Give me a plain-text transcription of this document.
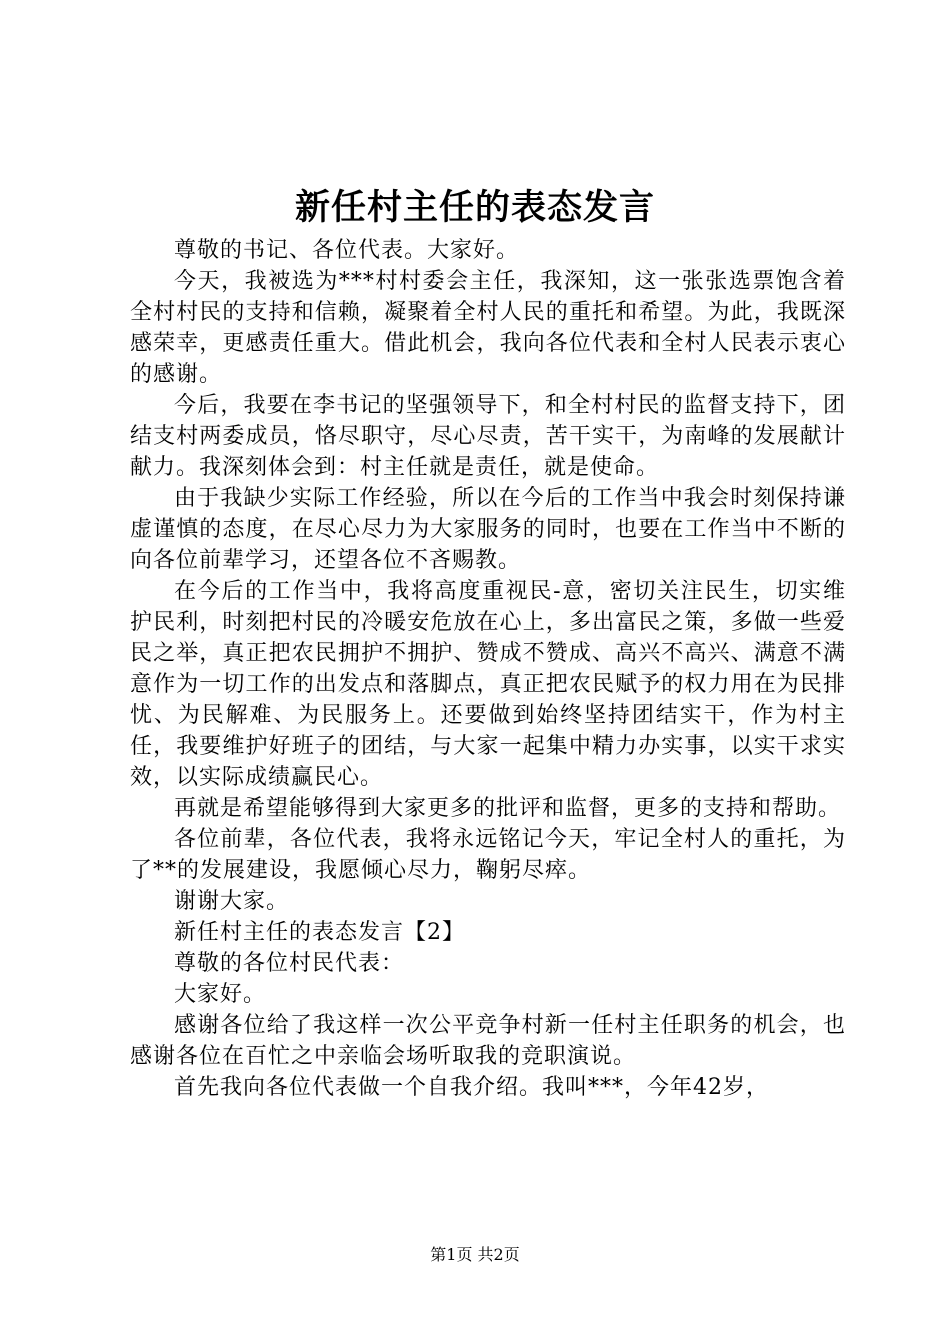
新任村主任的表态发言

尊敬的书记、各位代表。大家好。

今天，我被选为***村村委会主任，我深知，这一张张选票饱含着全村村民的支持和信赖，凝聚着全村人民的重托和希望。为此，我既深感荣幸，更感责任重大。借此机会，我向各位代表和全村人民表示衷心的感谢。

今后，我要在李书记的坚强领导下，和全村村民的监督支持下，团结支村两委成员，恪尽职守，尽心尽责，苦干实干，为南峰的发展献计献力。我深刻体会到：村主任就是责任，就是使命。

由于我缺少实际工作经验，所以在今后的工作当中我会时刻保持谦虚谨慎的态度，在尽心尽力为大家服务的同时，也要在工作当中不断的向各位前辈学习，还望各位不吝赐教。

在今后的工作当中，我将高度重视民-意，密切关注民生，切实维护民利，时刻把村民的冷暖安危放在心上，多出富民之策，多做一些爱民之举，真正把农民拥护不拥护、赞成不赞成、高兴不高兴、满意不满意作为一切工作的出发点和落脚点，真正把农民赋予的权力用在为民排忧、为民解难、为民服务上。还要做到始终坚持团结实干，作为村主任，我要维护好班子的团结，与大家一起集中精力办实事，以实干求实效，以实际成绩赢民心。

再就是希望能够得到大家更多的批评和监督，更多的支持和帮助。

各位前辈，各位代表，我将永远铭记今天，牢记全村人的重托，为了**的发展建设，我愿倾心尽力，鞠躬尽瘁。

谢谢大家。

新任村主任的表态发言【2】

尊敬的各位村民代表：

大家好。

感谢各位给了我这样一次公平竞争村新一任村主任职务的机会，也感谢各位在百忙之中亲临会场听取我的竞职演说。

首先我向各位代表做一个自我介绍。我叫***，今年42岁，

第1页 共2页
